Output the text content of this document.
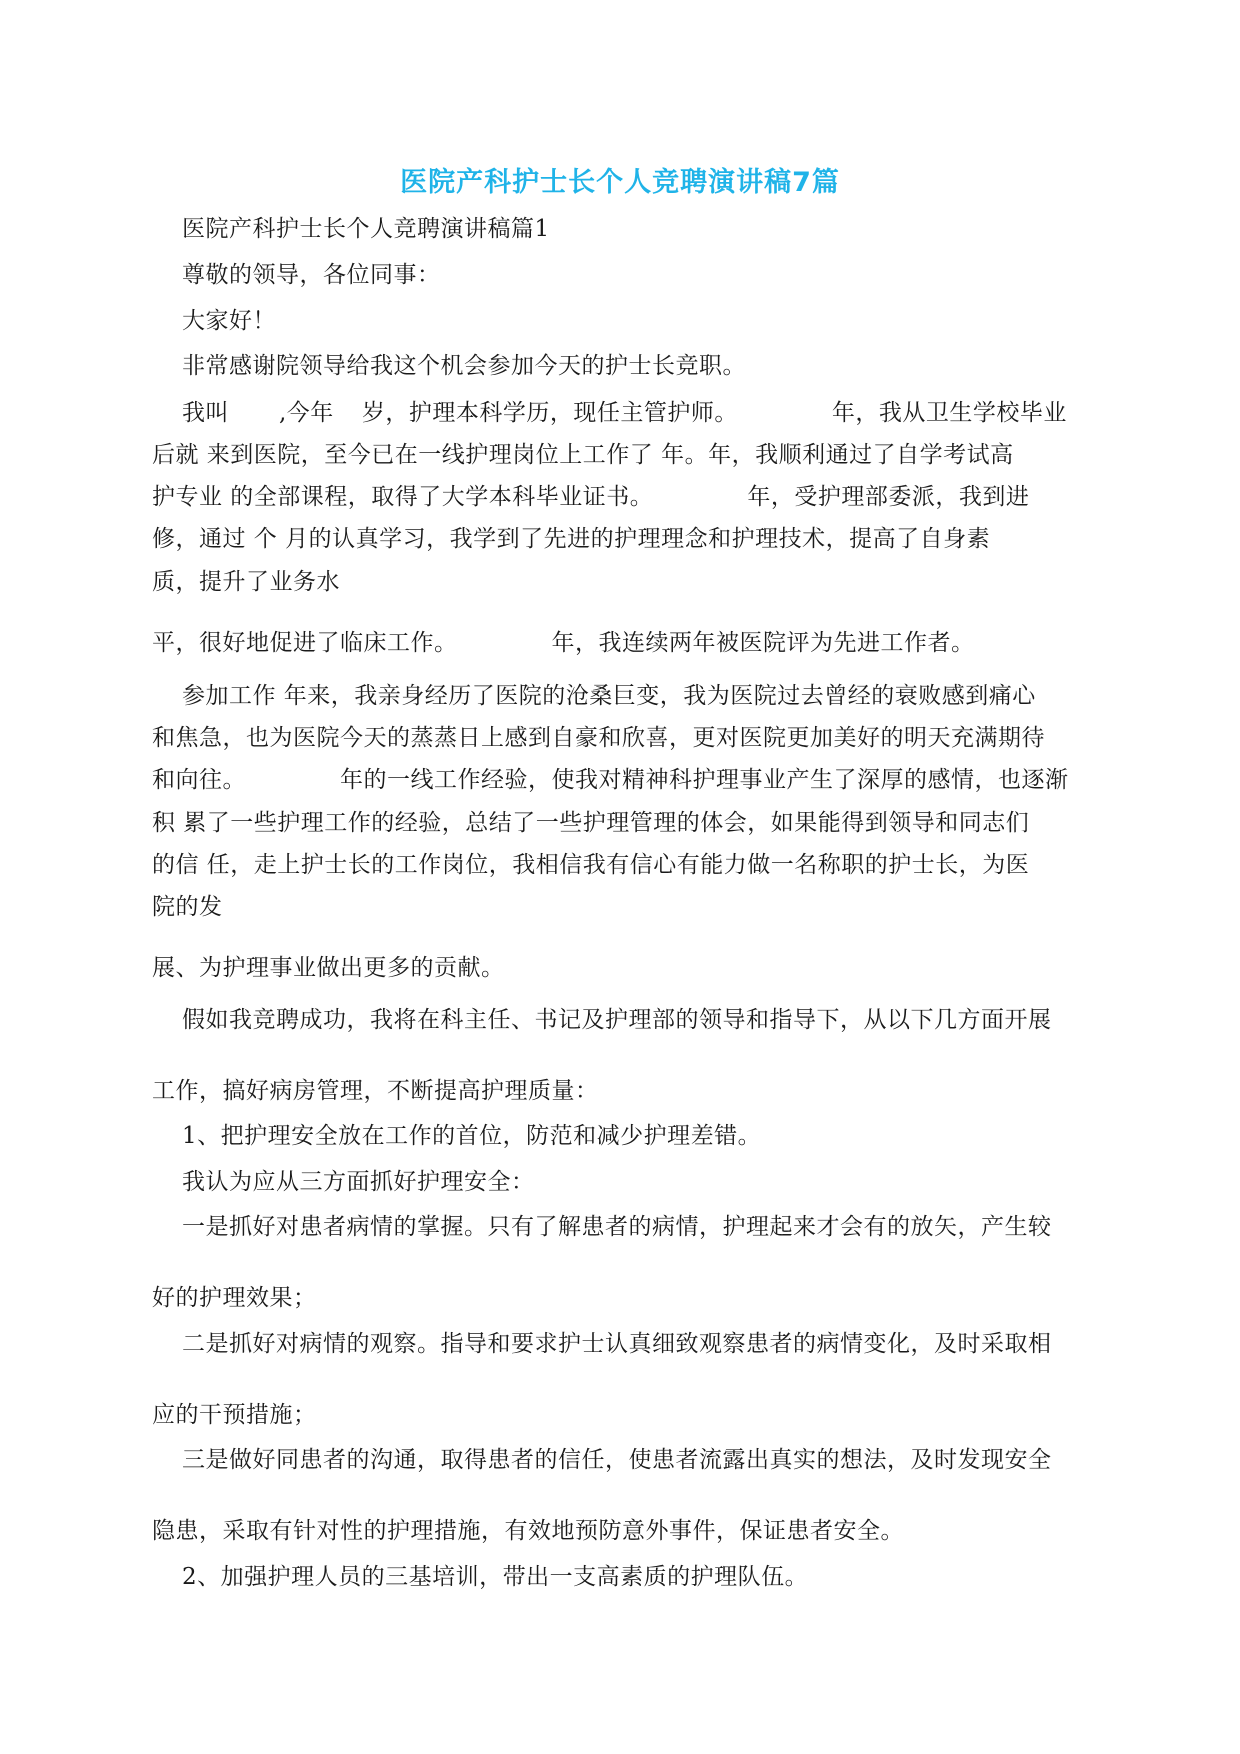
医院产科护士长个人竞聘演讲稿7篇
医院产科护士长个人竞聘演讲稿篇1
尊敬的领导，各位同事：
大家好！
非常感谢院领导给我这个机会参加今天的护士长竞职。
我叫 ,今年 岁，护理本科学历，现任主管护师。	年，我从卫生学校毕业
后就 来到医院，至今已在一线护理岗位上工作了 年。年，我顺利通过了自学考试高
护专业 的全部课程，取得了大学本科毕业证书。	年，受护理部委派，我到进
修，通过 个 月的认真学习，我学到了先进的护理理念和护理技术，提高了自身素
质，提升了业务水
平，很好地促进了临床工作。	年，我连续两年被医院评为先进工作者。
参加工作 年来，我亲身经历了医院的沧桑巨变，我为医院过去曾经的衰败感到痛心
和焦急，也为医院今天的蒸蒸日上感到自豪和欣喜，更对医院更加美好的明天充满期待
和向往。	年的一线工作经验，使我对精神科护理事业产生了深厚的感情，也逐渐
积 累了一些护理工作的经验，总结了一些护理管理的体会，如果能得到领导和同志们
的信 任，走上护士长的工作岗位，我相信我有信心有能力做一名称职的护士长，为医
院的发
展、为护理事业做出更多的贡献。
假如我竞聘成功，我将在科主任、书记及护理部的领导和指导下，从以下几方面开展
工作，搞好病房管理，不断提高护理质量：
1、把护理安全放在工作的首位，防范和减少护理差错。
我认为应从三方面抓好护理安全：
一是抓好对患者病情的掌握。只有了解患者的病情，护理起来才会有的放矢，产生较
好的护理效果；
二是抓好对病情的观察。指导和要求护士认真细致观察患者的病情变化，及时采取相
应的干预措施；
三是做好同患者的沟通，取得患者的信任，使患者流露出真实的想法，及时发现安全
隐患，采取有针对性的护理措施，有效地预防意外事件，保证患者安全。
2、加强护理人员的三基培训，带出一支高素质的护理队伍。
